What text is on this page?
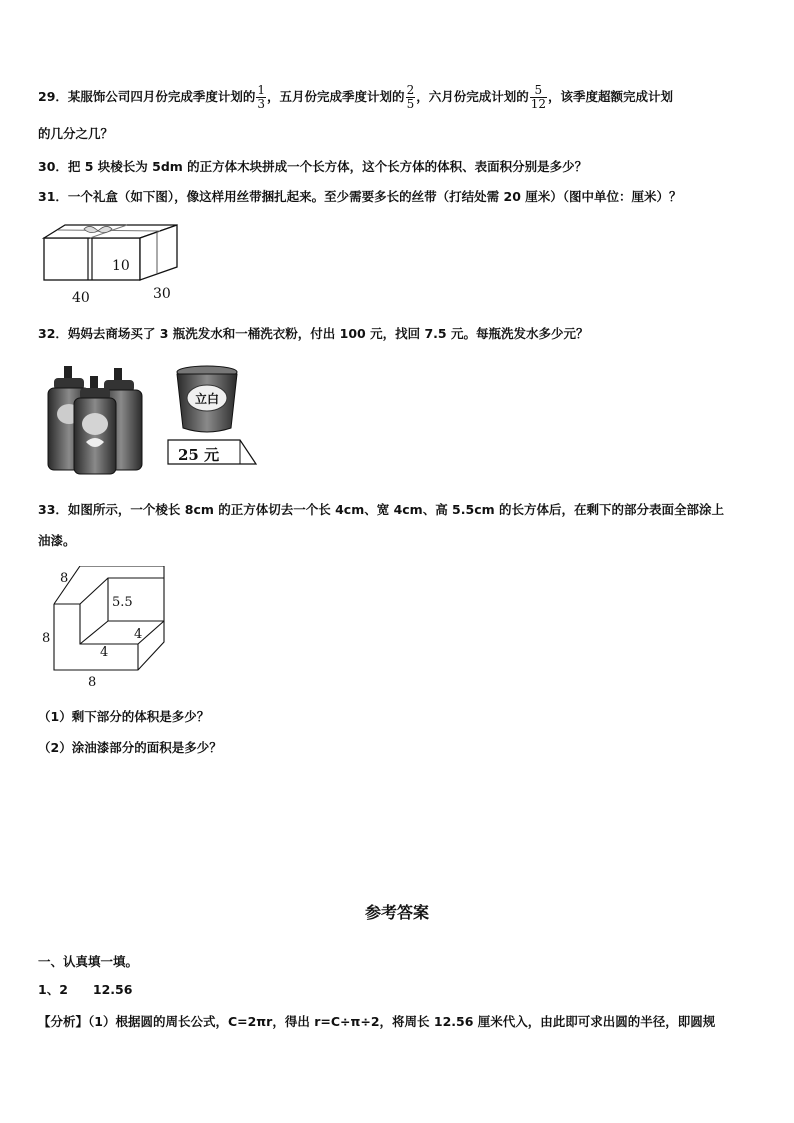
29．某服饰公司四月份完成季度计划的 $\frac{1}{3}$ ，五月份完成季度计划的 $\frac{2}{5}$ ，六月份完成计划的 $\frac{5}{12}$ ，该季度超额完成计划
的几分之几？
30．把 5 块棱长为 5dm 的正方体木块拼成一个长方体，这个长方体的体积、表面积分别是多少？
31．一个礼盒（如下图），像这样用丝带捆扎起来。至少需要多长的丝带（打结处需 20 厘米）（图中单位：厘米）？
10
40	30
32．妈妈去商场买了 3 瓶洗发水和一桶洗衣粉，付出 100 元，找回 7.5 元。每瓶洗发水多少元？
立白
25 元
33．如图所示，一个棱长 8cm 的正方体切去一个长 4cm、宽 4cm、高 5.5cm 的长方体后，在剩下的部分表面全部涂上
油漆。
8
8
8
5.5
4
4
（1）剩下部分的体积是多少？
（2）涂油漆部分的面积是多少？
参考答案
一、认真填一填。
1、2　　12.56
【分析】（1）根据圆的周长公式，C=2πr，得出 r=C÷π÷2，将周长 12.56 厘米代入，由此即可求出圆的半径，即圆规
